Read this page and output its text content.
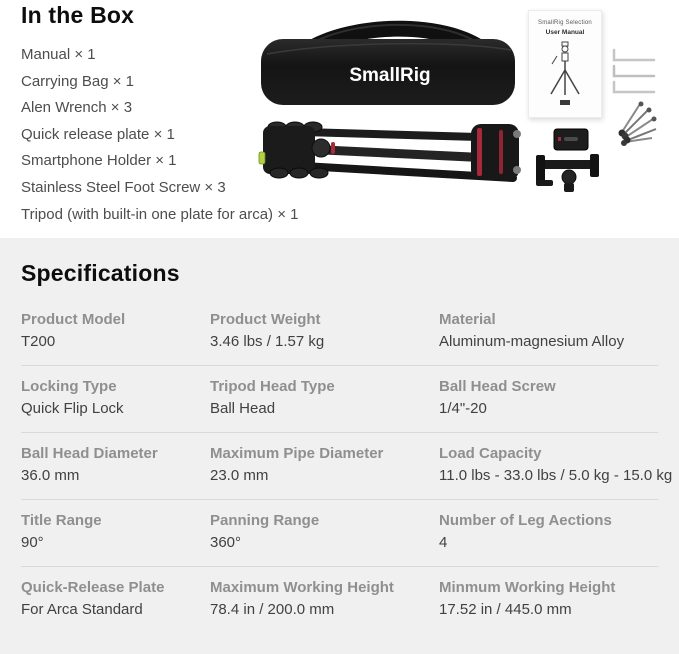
In the Box
Manual × 1
Carrying Bag × 1
Alen Wrench × 3
Quick release plate × 1
Smartphone Holder × 1
Stainless Steel Foot Screw × 3
Tripod (with built-in one plate for arca) × 1
SmallRig
SmallRig Selection
User Manual
Specifications
Product Model
T200
Product Weight
3.46 lbs / 1.57 kg
Material
Aluminum-magnesium Alloy
Locking Type
Quick Flip Lock
Tripod Head Type
Ball Head
Ball Head Screw
1/4"-20
Ball Head Diameter
36.0 mm
Maximum Pipe Diameter
23.0 mm
Load Capacity
11.0 lbs - 33.0 lbs / 5.0 kg - 15.0 kg
Title Range
90°
Panning Range
360°
Number of Leg Aections
4
Quick-Release Plate
For Arca Standard
Maximum Working Height
78.4 in / 200.0 mm
Minmum Working Height
17.52 in / 445.0 mm
